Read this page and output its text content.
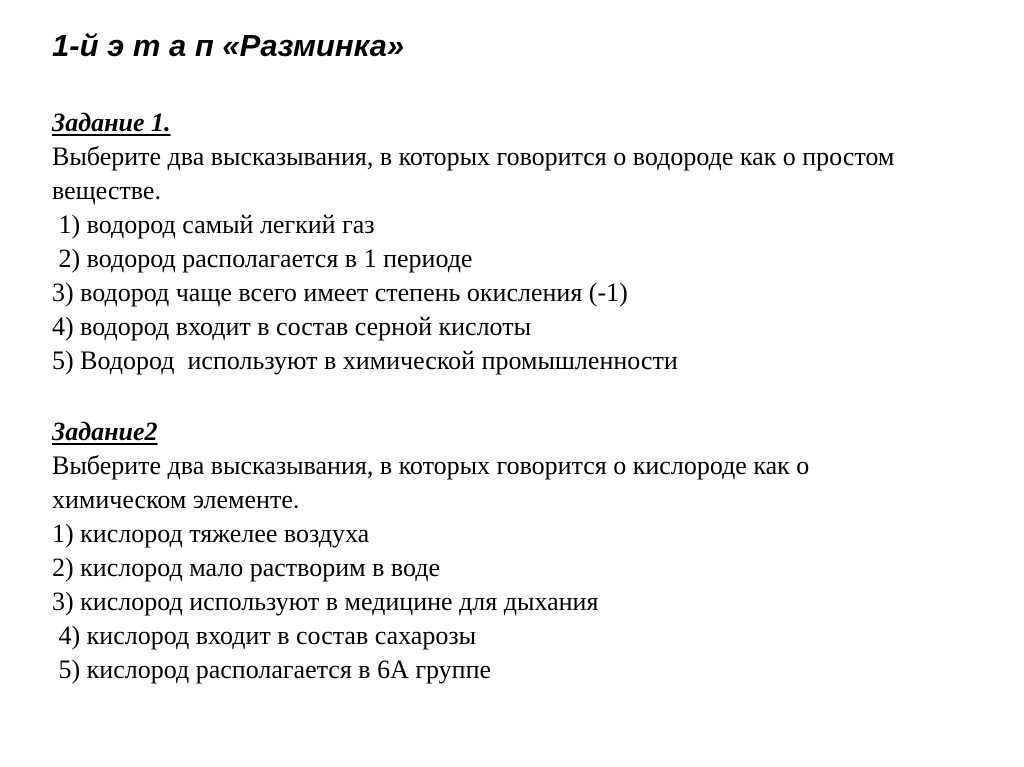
1-й э т а п «Разминка»
Задание 1.
Выберите два высказывания, в которых говорится о водороде как о простом
веществе.
1) водород самый легкий газ
2) водород располагается в 1 периоде
3) водород чаще всего имеет степень окисления (-1)
4) водород входит в состав серной кислоты
5) Водород  используют в химической промышленности
Задание2
Выберите два высказывания, в которых говорится о кислороде как о
химическом элементе.
1) кислород тяжелее воздуха
2) кислород мало растворим в воде
3) кислород используют в медицине для дыхания
4) кислород входит в состав сахарозы
5) кислород располагается в 6А группе
